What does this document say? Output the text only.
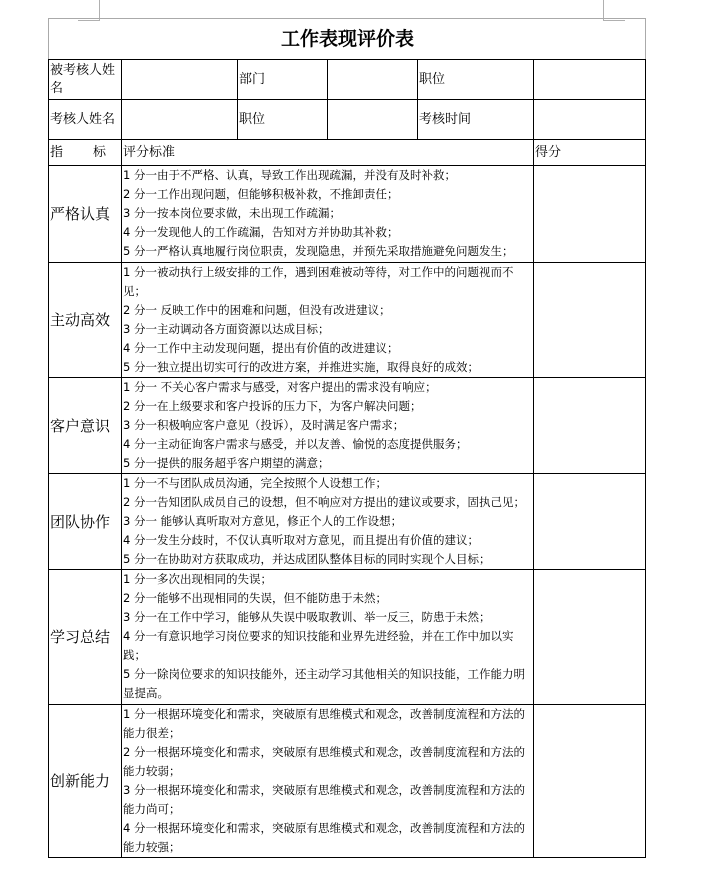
工作表现评价表					
被考核人姓名		部门		职位	
考核人姓名		职位		考核时间	
指 标	评分标准				得分
严格认真	1 分一由于不严格、认真，导致工作出现疏漏，并没有及时补救；
2 分一工作出现问题，但能够积极补救，不推卸责任；
3 分一按本岗位要求做，未出现工作疏漏；
4 分一发现他人的工作疏漏，告知对方并协助其补救；
5 分一严格认真地履行岗位职责，发现隐患，并预先采取措施避免问题发生；				

主动高效	1 分一被动执行上级安排的工作，遇到困难被动等待，对工作中的问题视而不见；
2 分一 反映工作中的困难和问题，但没有改进建议；
3 分一主动调动各方面资源以达成目标；
4 分一工作中主动发现问题，提出有价值的改进建议；
5 分一独立提出切实可行的改进方案，并推进实施，取得良好的成效；				

客户意识	1 分一 不关心客户需求与感受，对客户提出的需求没有响应；
2 分一在上级要求和客户投诉的压力下，为客户解决问题；
3 分一积极响应客户意见（投诉），及时满足客户需求；
4 分一主动征询客户需求与感受，并以友善、愉悦的态度提供服务；
5 分一提供的服务超乎客户期望的满意；				

团队协作	1 分一不与团队成员沟通，完全按照个人设想工作；
2 分一告知团队成员自己的设想，但不响应对方提出的建议或要求，固执己见；
3 分一 能够认真听取对方意见，修正个人的工作设想；
4 分一发生分歧时，不仅认真听取对方意见，而且提出有价值的建议；
5 分一在协助对方获取成功，并达成团队整体目标的同时实现个人目标；				

学习总结	1 分一多次出现相同的失误；
2 分一能够不出现相同的失误，但不能防患于未然；
3 分一在工作中学习，能够从失误中吸取教训、举一反三，防患于未然；
4 分一有意识地学习岗位要求的知识技能和业界先进经验，并在工作中加以实践；
5 分一除岗位要求的知识技能外，还主动学习其他相关的知识技能，工作能力明显提高。				

创新能力	1 分一根据环境变化和需求，突破原有思维模式和观念，改善制度流程和方法的能力很差；
2 分一根据环境变化和需求，突破原有思维模式和观念，改善制度流程和方法的能力较弱；
3 分一根据环境变化和需求，突破原有思维模式和观念，改善制度流程和方法的能力尚可；
4 分一根据环境变化和需求，突破原有思维模式和观念，改善制度流程和方法的能力较强；				
